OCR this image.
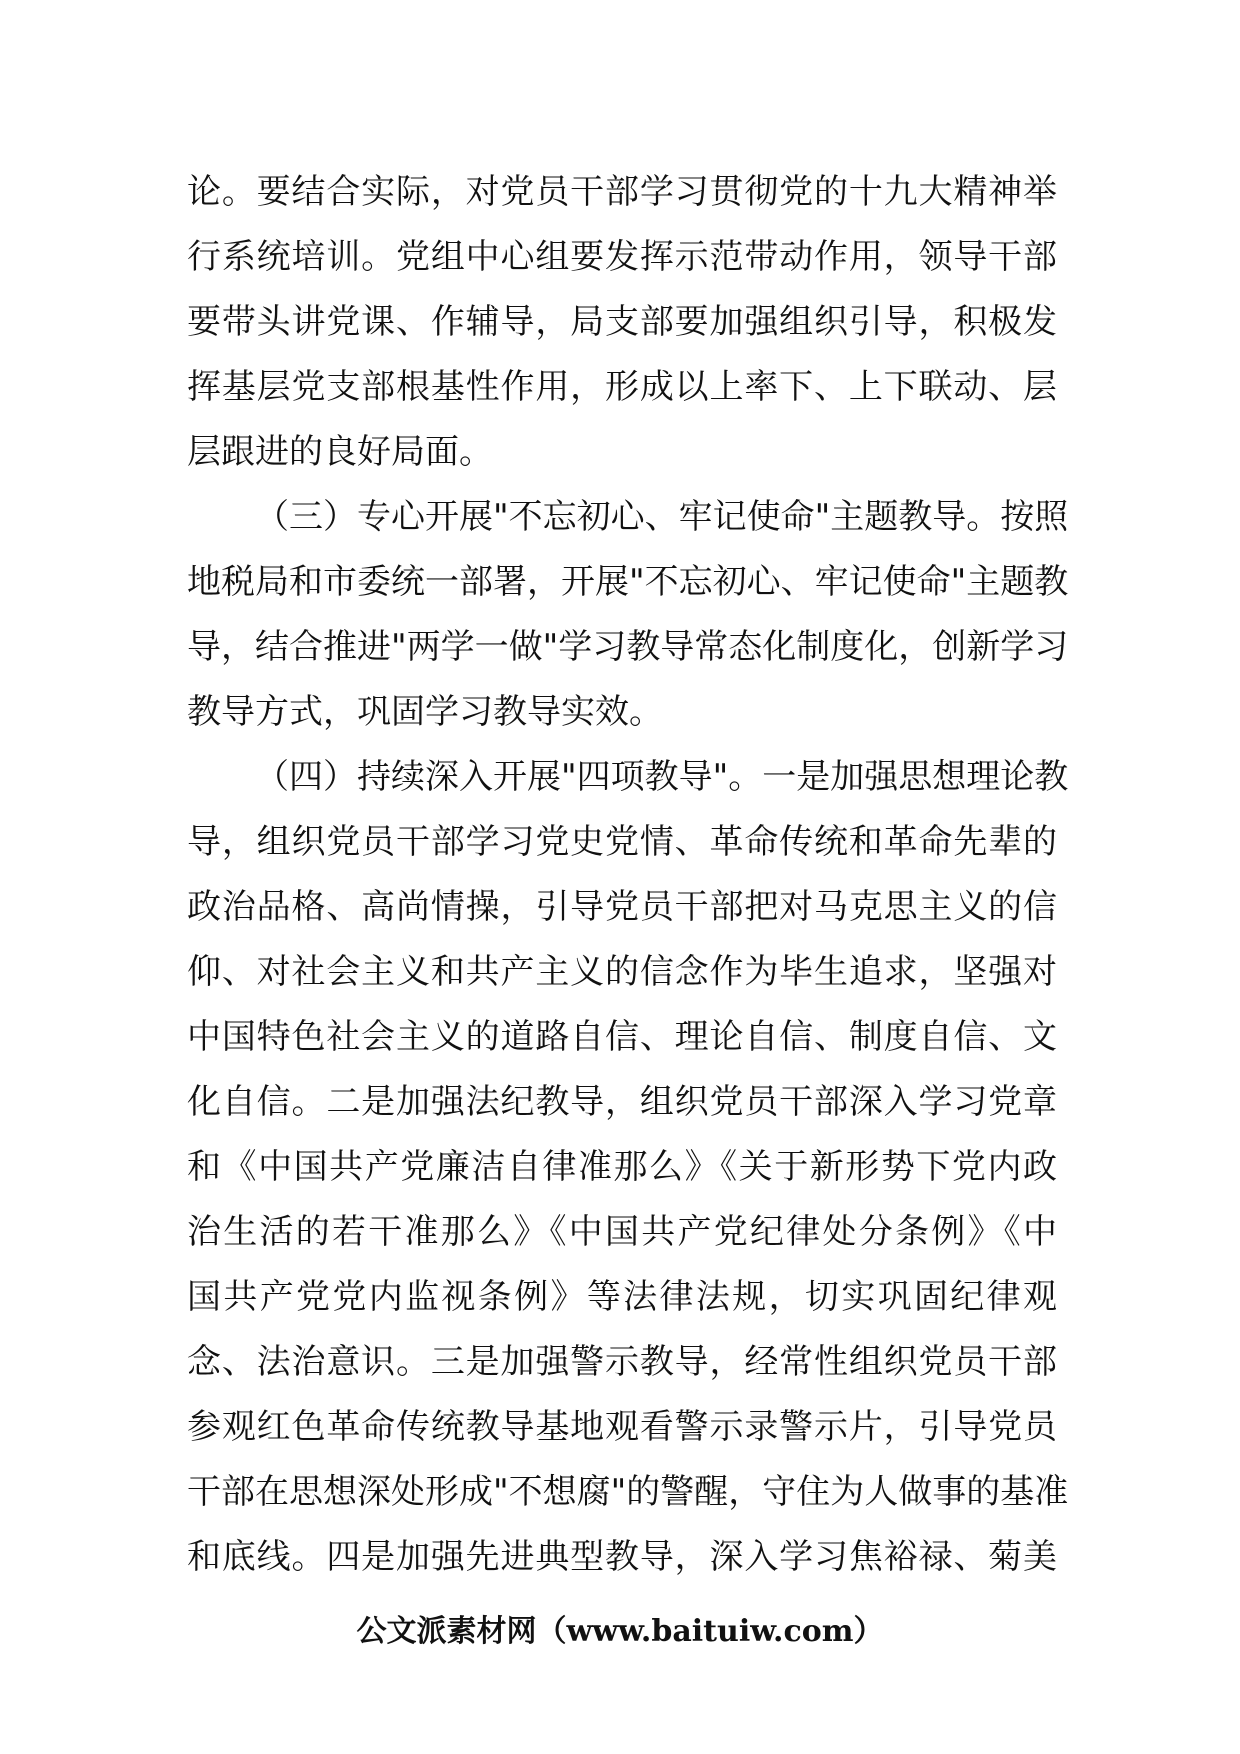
论。要结合实际，对党员干部学习贯彻党的十九大精神举
行系统培训。党组中心组要发挥示范带动作用，领导干部
要带头讲党课、作辅导，局支部要加强组织引导，积极发
挥基层党支部根基性作用，形成以上率下、上下联动、层
层跟进的良好局面。
（三）专心开展"不忘初心、牢记使命"主题教导。按照
地税局和市委统一部署，开展"不忘初心、牢记使命"主题教
导，结合推进"两学一做"学习教导常态化制度化，创新学习
教导方式，巩固学习教导实效。
（四）持续深入开展"四项教导"。一是加强思想理论教
导，组织党员干部学习党史党情、革命传统和革命先辈的
政治品格、高尚情操，引导党员干部把对马克思主义的信
仰、对社会主义和共产主义的信念作为毕生追求，坚强对
中国特色社会主义的道路自信、理论自信、制度自信、文
化自信。二是加强法纪教导，组织党员干部深入学习党章
和《中国共产党廉洁自律准那么》《关于新形势下党内政
治生活的若干准那么》《中国共产党纪律处分条例》《中
国共产党党内监视条例》等法律法规，切实巩固纪律观
念、法治意识。三是加强警示教导，经常性组织党员干部
参观红色革命传统教导基地观看警示录警示片，引导党员
干部在思想深处形成"不想腐"的警醒，守住为人做事的基准
和底线。四是加强先进典型教导，深入学习焦裕禄、菊美
公文派素材网（www.baituiw.com）
